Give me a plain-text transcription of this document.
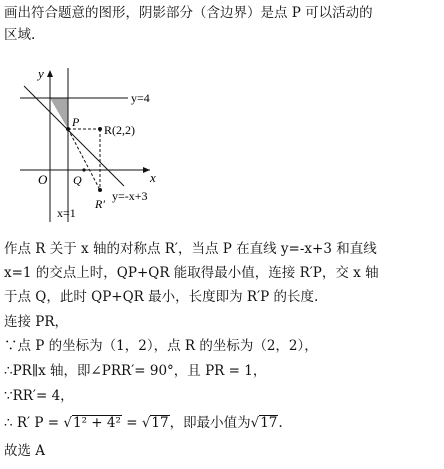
画出符合题意的图形，阴影部分（含边界）是点 P 可以活动的
区域.
y
x
O
y=4
P
R(2,2)
Q
R′
y=-x+3
x=1
作点 R 关于 x 轴的对称点 R′，当点 P 在直线 y=-x+3 和直线
x=1 的交点上时，QP+QR 能取得最小值，连接 R′P，交 x 轴
于点 Q，此时 QP+QR 最小，长度即为 R′P 的长度.
连接 PR，
∵点 P 的坐标为（1，2），点 R 的坐标为（2，2），
∴PR∥x 轴，即∠PRR′= 90°，且 PR = 1，
∵RR′= 4，
∴ R′ P = √1² + 4² = √17，即最小值为√17.
故选 A
